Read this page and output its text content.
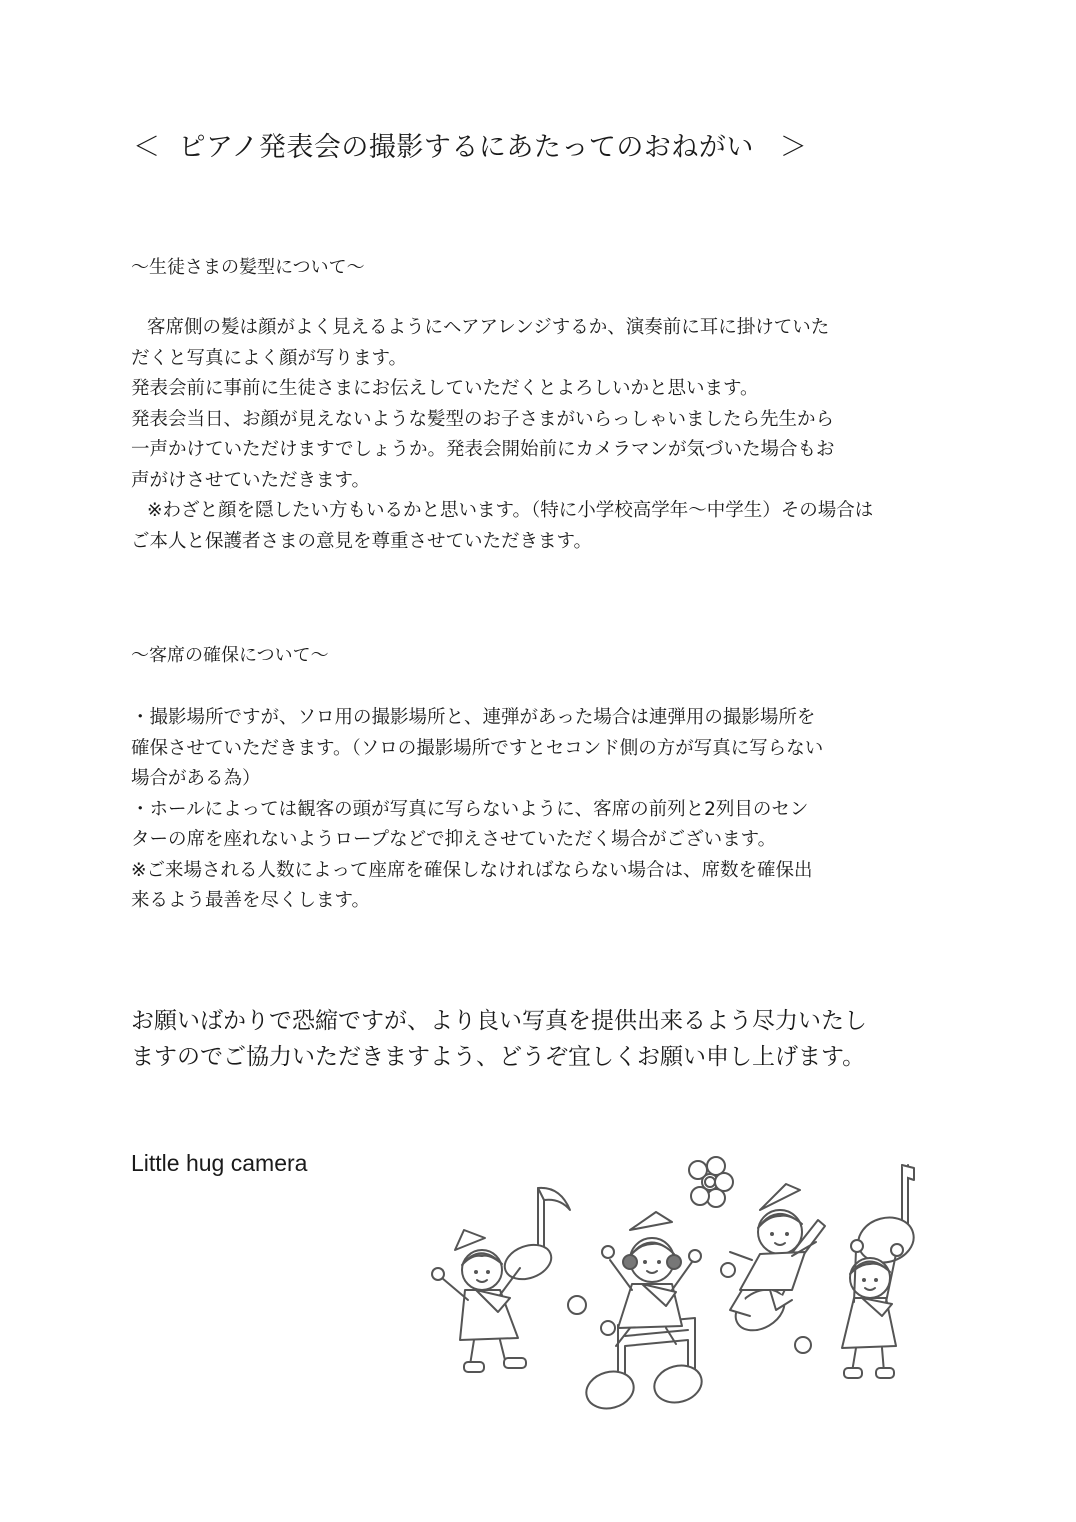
＜ ピアノ発表会の撮影するにあたってのおねがい ＞
～生徒さまの髪型について～
客席側の髪は顔がよく見えるようにヘアアレンジするか、演奏前に耳に掛けていた
だくと写真によく顔が写ります。
発表会前に事前に生徒さまにお伝えしていただくとよろしいかと思います。
発表会当日、お顔が見えないような髪型のお子さまがいらっしゃいましたら先生から
一声かけていただけますでしょうか。発表会開始前にカメラマンが気づいた場合もお
声がけさせていただきます。
※わざと顔を隠したい方もいるかと思います。（特に小学校高学年～中学生）その場合は
ご本人と保護者さまの意見を尊重させていただきます。
～客席の確保について～
・撮影場所ですが、ソロ用の撮影場所と、連弾があった場合は連弾用の撮影場所を
確保させていただきます。（ソロの撮影場所ですとセコンド側の方が写真に写らない
場合がある為）
・ホールによっては観客の頭が写真に写らないように、客席の前列と2列目のセン
ターの席を座れないようロープなどで抑えさせていただく場合がございます。
※ご来場される人数によって座席を確保しなければならない場合は、席数を確保出
来るよう最善を尽くします。
お願いばかりで恐縮ですが、より良い写真を提供出来るよう尽力いたし
ますのでご協力いただきますよう、どうぞ宜しくお願い申し上げます。
Little hug camera
